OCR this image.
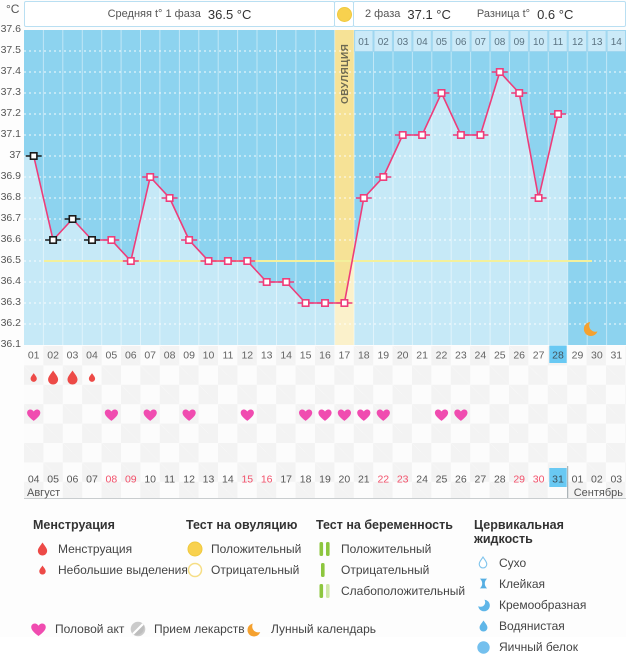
°C	Средняя t° 1 фаза 36.5 °C	2 фаза 37.1 °C Разница t° 0.6 °C
37.6
37.5
37.4
37.3
37.2
37.1
37
36.9
36.8
36.7
36.6
36.5
36.4
36.3
36.2
36.1
01 02 03 04 05 06 07 08 09 10 11 12 13 14
ОВУЛЯЦИЯ
01 02 03 04 05 06 07 08 09 10 11 12 13 14 15 16 17 18 19 20 21 22 23 24 25 26 27 28 29 30 31
04 05 06 07 08 09 10 11 12 13 14 15 16 17 18 19 20 21 22 23 24 25 26 27 28 29 30 31 01 02 03
Август	Сентябрь
Менструация
Менструация
Небольшие выделения
Тест на овуляцию
Положительный
Отрицательный
Тест на беременность
Положительный
Отрицательный
Слабоположительный
Цервикальная жидкость
Сухо
Клейкая
Кремообразная
Водянистая
Яичный белок
Половой акт Прием лекарств Лунный календарь
